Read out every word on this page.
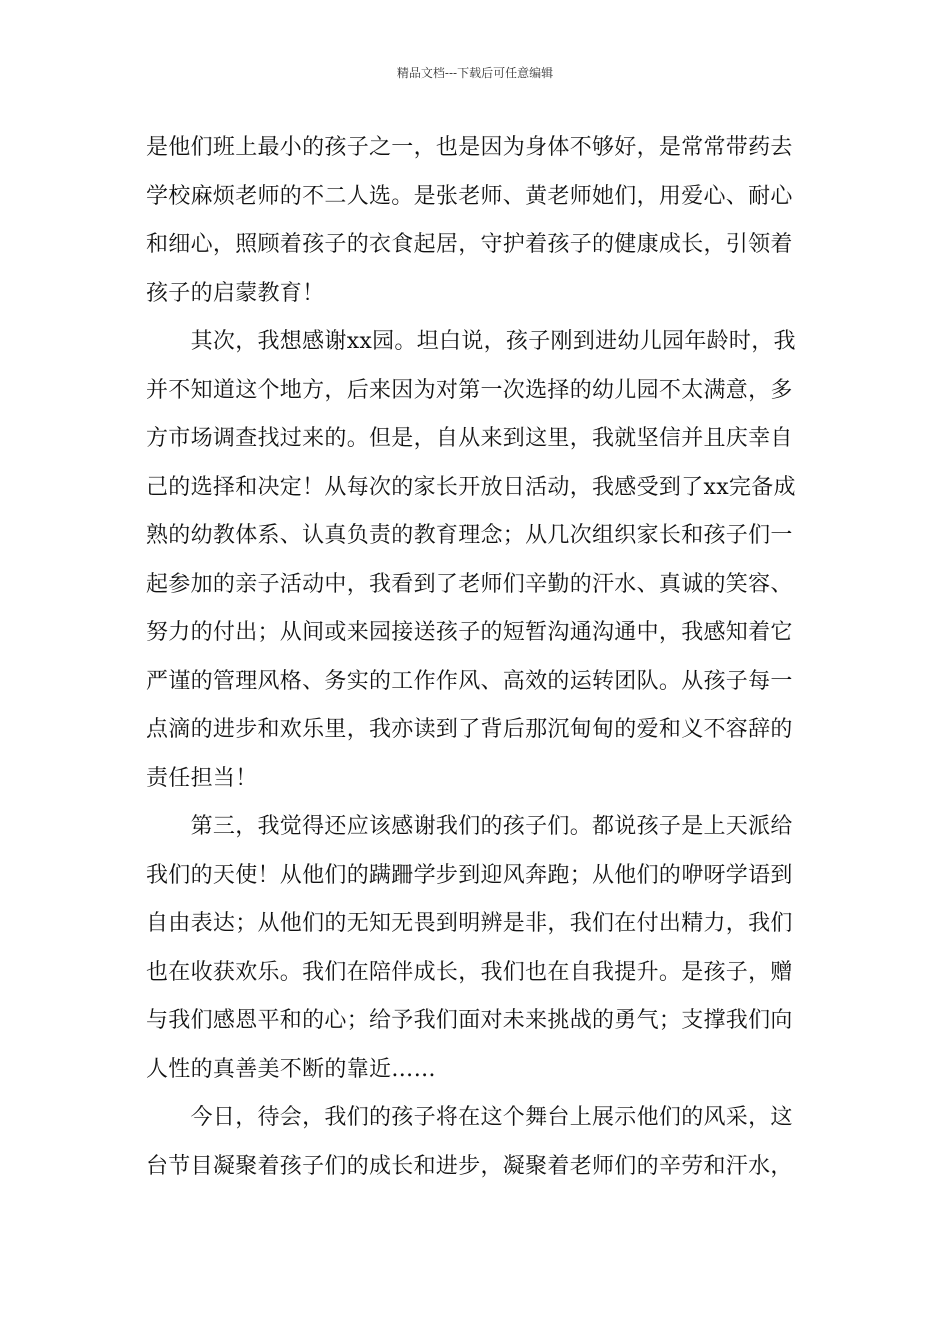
精品文档---下载后可任意编辑
是他们班上最小的孩子之一，也是因为身体不够好，是常常带药去
学校麻烦老师的不二人选。是张老师、黄老师她们，用爱心、耐心
和细心，照顾着孩子的衣食起居，守护着孩子的健康成长，引领着
孩子的启蒙教育！
　　其次，我想感谢xx园。坦白说，孩子刚到进幼儿园年龄时，我
并不知道这个地方，后来因为对第一次选择的幼儿园不太满意，多
方市场调查找过来的。但是，自从来到这里，我就坚信并且庆幸自
己的选择和决定！从每次的家长开放日活动，我感受到了xx完备成
熟的幼教体系、认真负责的教育理念；从几次组织家长和孩子们一
起参加的亲子活动中，我看到了老师们辛勤的汗水、真诚的笑容、
努力的付出；从间或来园接送孩子的短暂沟通沟通中，我感知着它
严谨的管理风格、务实的工作作风、高效的运转团队。从孩子每一
点滴的进步和欢乐里，我亦读到了背后那沉甸甸的爱和义不容辞的
责任担当！
　　第三，我觉得还应该感谢我们的孩子们。都说孩子是上天派给
我们的天使！从他们的蹒跚学步到迎风奔跑；从他们的咿呀学语到
自由表达；从他们的无知无畏到明辨是非，我们在付出精力，我们
也在收获欢乐。我们在陪伴成长，我们也在自我提升。是孩子，赠
与我们感恩平和的心；给予我们面对未来挑战的勇气；支撑我们向
人性的真善美不断的靠近……
　　今日，待会，我们的孩子将在这个舞台上展示他们的风采，这
台节目凝聚着孩子们的成长和进步，凝聚着老师们的辛劳和汗水，
